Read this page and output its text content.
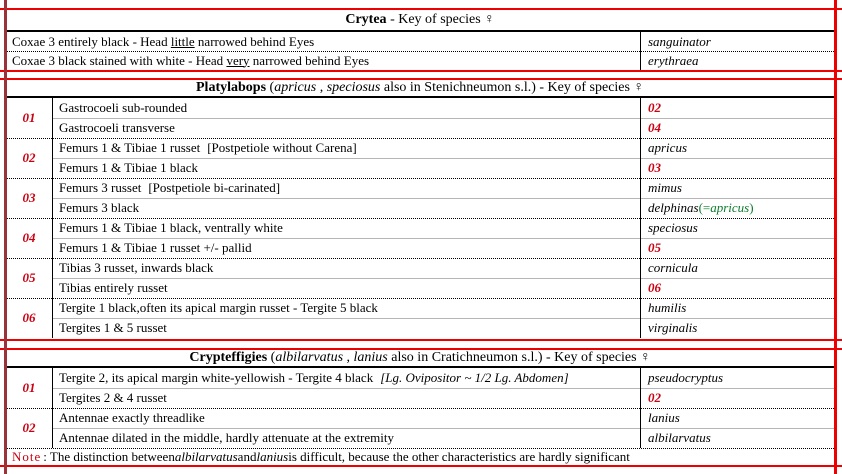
Crytea - Key of species ♀
Coxae 3 entirely black - Head little narrowed behind Eyes	sanguinator
Coxae 3 black stained with white - Head very narrowed behind Eyes	erythraea
Platylabops (apricus , speciosus also in Stenichneumon s.l.) - Key of species ♀
01
Gastrocoeli sub-rounded	02
Gastrocoeli transverse	04
02
Femurs 1 & Tibiae 1 russet [Postpetiole without Carena]	apricus
Femurs 1 & Tibiae 1 black	03
03
Femurs 3 russet [Postpetiole bi-carinated]	mimus
Femurs 3 black	delphinas (= apricus )
04
Femurs 1 & Tibiae 1 black, ventrally white	speciosus
Femurs 1 & Tibiae 1 russet +/- pallid	05
05
Tibias 3 russet, inwards black	cornicula
Tibias entirely russet	06
06
Tergite 1 black,often its apical margin russet - Tergite 5 black	humilis
Tergites 1 & 5 russet	virginalis
Crypteffigies (albilarvatus , lanius also in Cratichneumon s.l.) - Key of species ♀
01
Tergite 2, its apical margin white-yellowish - Tergite 4 black [Lg. Ovipositor ~ 1/2 Lg. Abdomen]	pseudocryptus
Tergites 2 & 4 russet	02
02
Antennae exactly threadlike	lanius
Antennae dilated in the middle, hardly attenuate at the extremity	albilarvatus
Note : The distinction between albilarvatus and lanius is difficult, because the other characteristics are hardly significant
